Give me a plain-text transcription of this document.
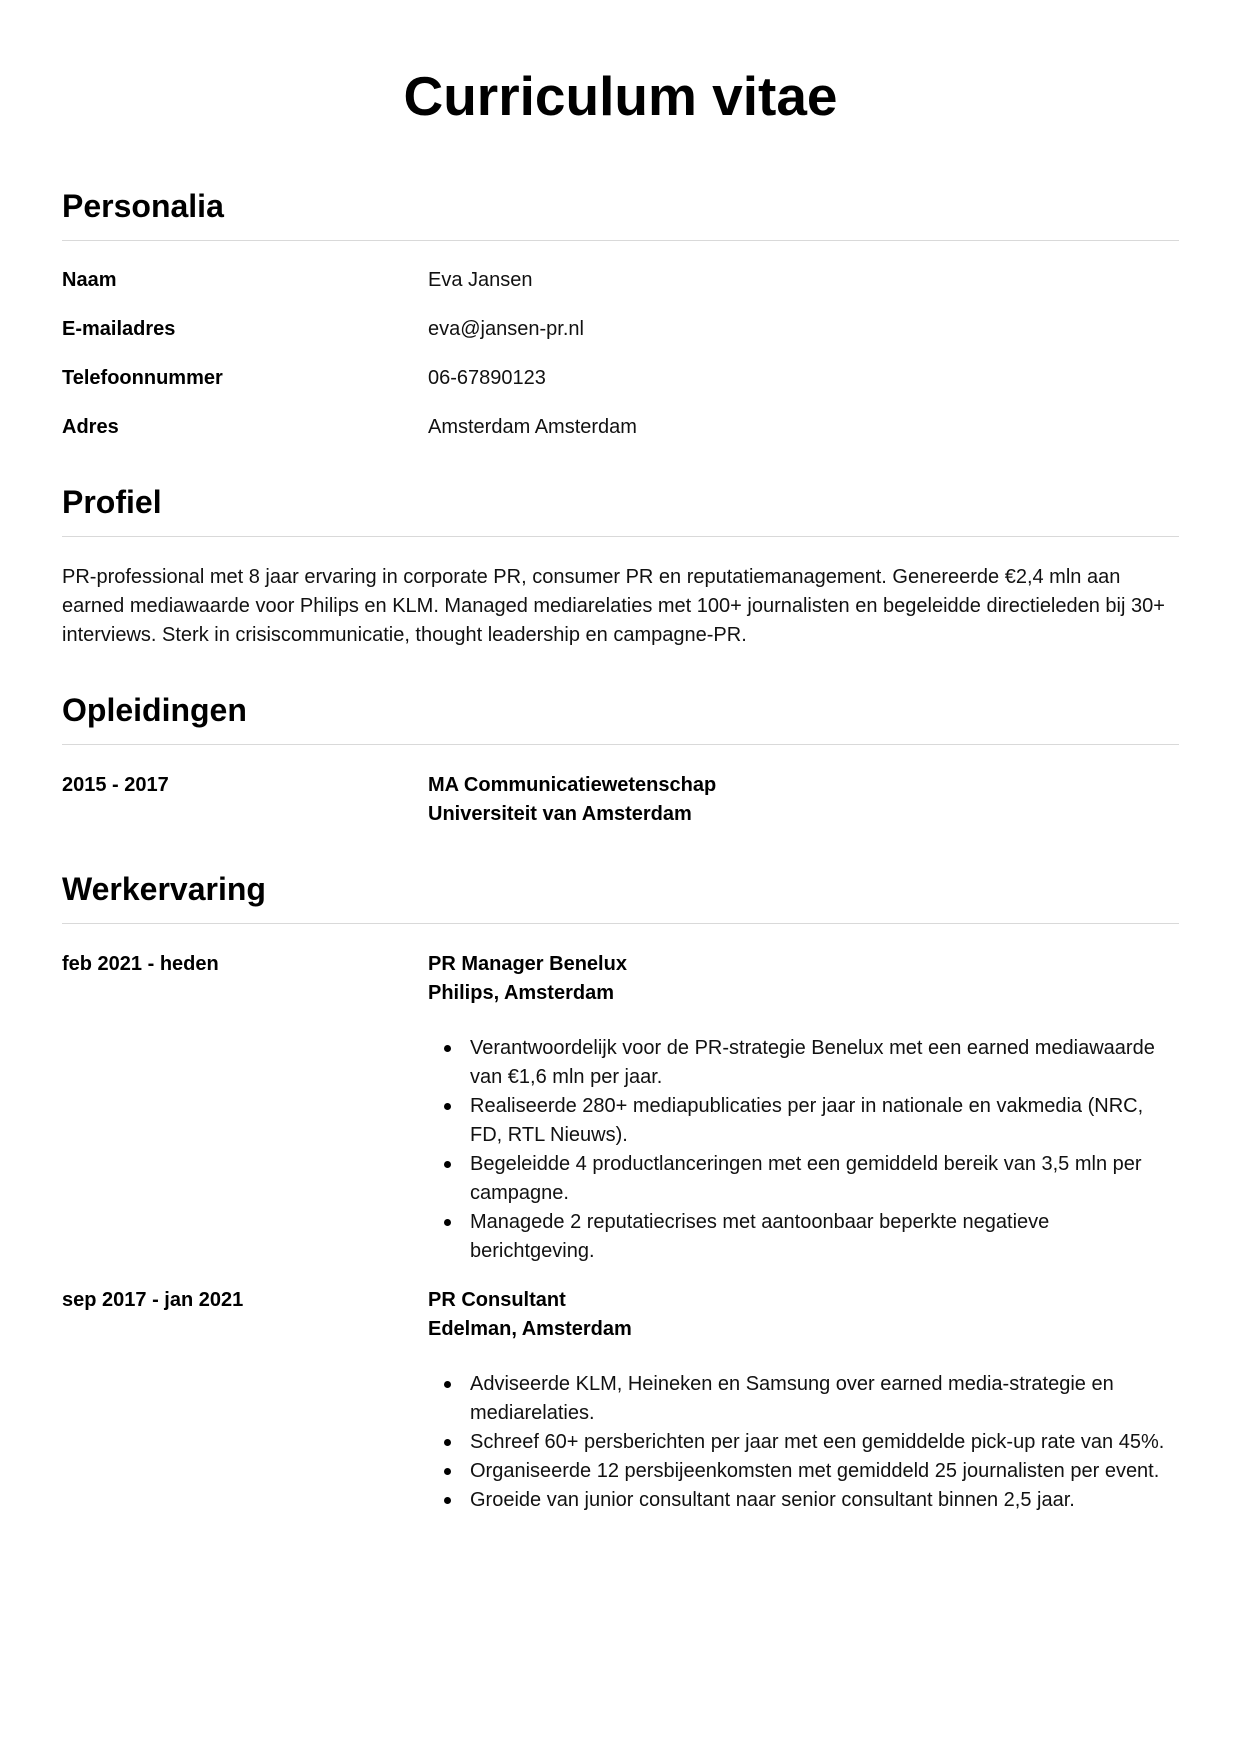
Curriculum vitae
Personalia
Naam	Eva Jansen
E-mailadres	eva@jansen-pr.nl
Telefoonnummer	06-67890123
Adres	Amsterdam Amsterdam
Profiel

PR-professional met 8 jaar ervaring in corporate PR, consumer PR en reputatiemanagement. Genereerde €2,4 mln aan earned mediawaarde voor Philips en KLM. Managed mediarelaties met 100+ journalisten en begeleidde directieleden bij 30+ interviews. Sterk in crisiscommunicatie, thought leadership en campagne-PR.

Opleidingen
2015 - 2017	MA Communicatiewetenschap
Universiteit van Amsterdam
Werkervaring
feb 2021 - heden	PR Manager Benelux
Philips, Amsterdam
Verantwoordelijk voor de PR-strategie Benelux met een earned mediawaarde van €1,6 mln per jaar.
Realiseerde 280+ mediapublicaties per jaar in nationale en vakmedia (NRC, FD, RTL Nieuws).
Begeleidde 4 productlanceringen met een gemiddeld bereik van 3,5 mln per campagne.
Managede 2 reputatiecrises met aantoonbaar beperkte negatieve berichtgeving.
sep 2017 - jan 2021	PR Consultant
Edelman, Amsterdam
Adviseerde KLM, Heineken en Samsung over earned media-strategie en mediarelaties.
Schreef 60+ persberichten per jaar met een gemiddelde pick-up rate van 45%.
Organiseerde 12 persbijeenkomsten met gemiddeld 25 journalisten per event.
Groeide van junior consultant naar senior consultant binnen 2,5 jaar.
